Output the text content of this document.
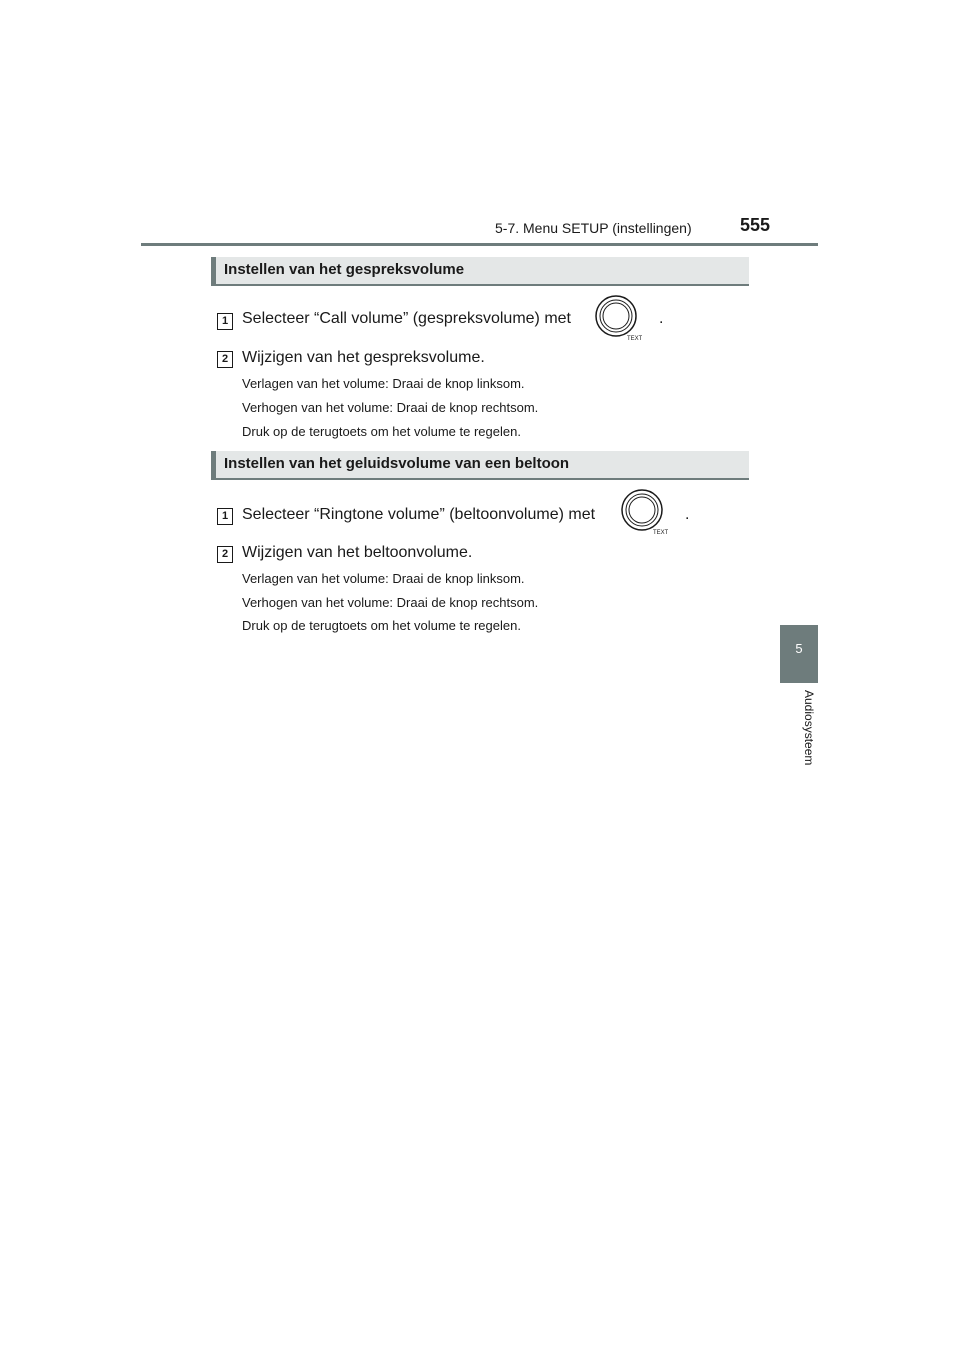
5-7. Menu SETUP (instellingen)	555
5
Audiosysteem
Instellen van het gespreksvolume
1 Selecteer “Call volume” (gespreksvolume) met
TEXT
.
2 Wijzigen van het gespreksvolume.
Verlagen van het volume: Draai de knop linksom.
Verhogen van het volume: Draai de knop rechtsom.
Druk op de terugtoets om het volume te regelen.
Instellen van het geluidsvolume van een beltoon
1 Selecteer “Ringtone volume” (beltoonvolume) met
TEXT
.
2 Wijzigen van het beltoonvolume.
Verlagen van het volume: Draai de knop linksom.
Verhogen van het volume: Draai de knop rechtsom.
Druk op de terugtoets om het volume te regelen.
